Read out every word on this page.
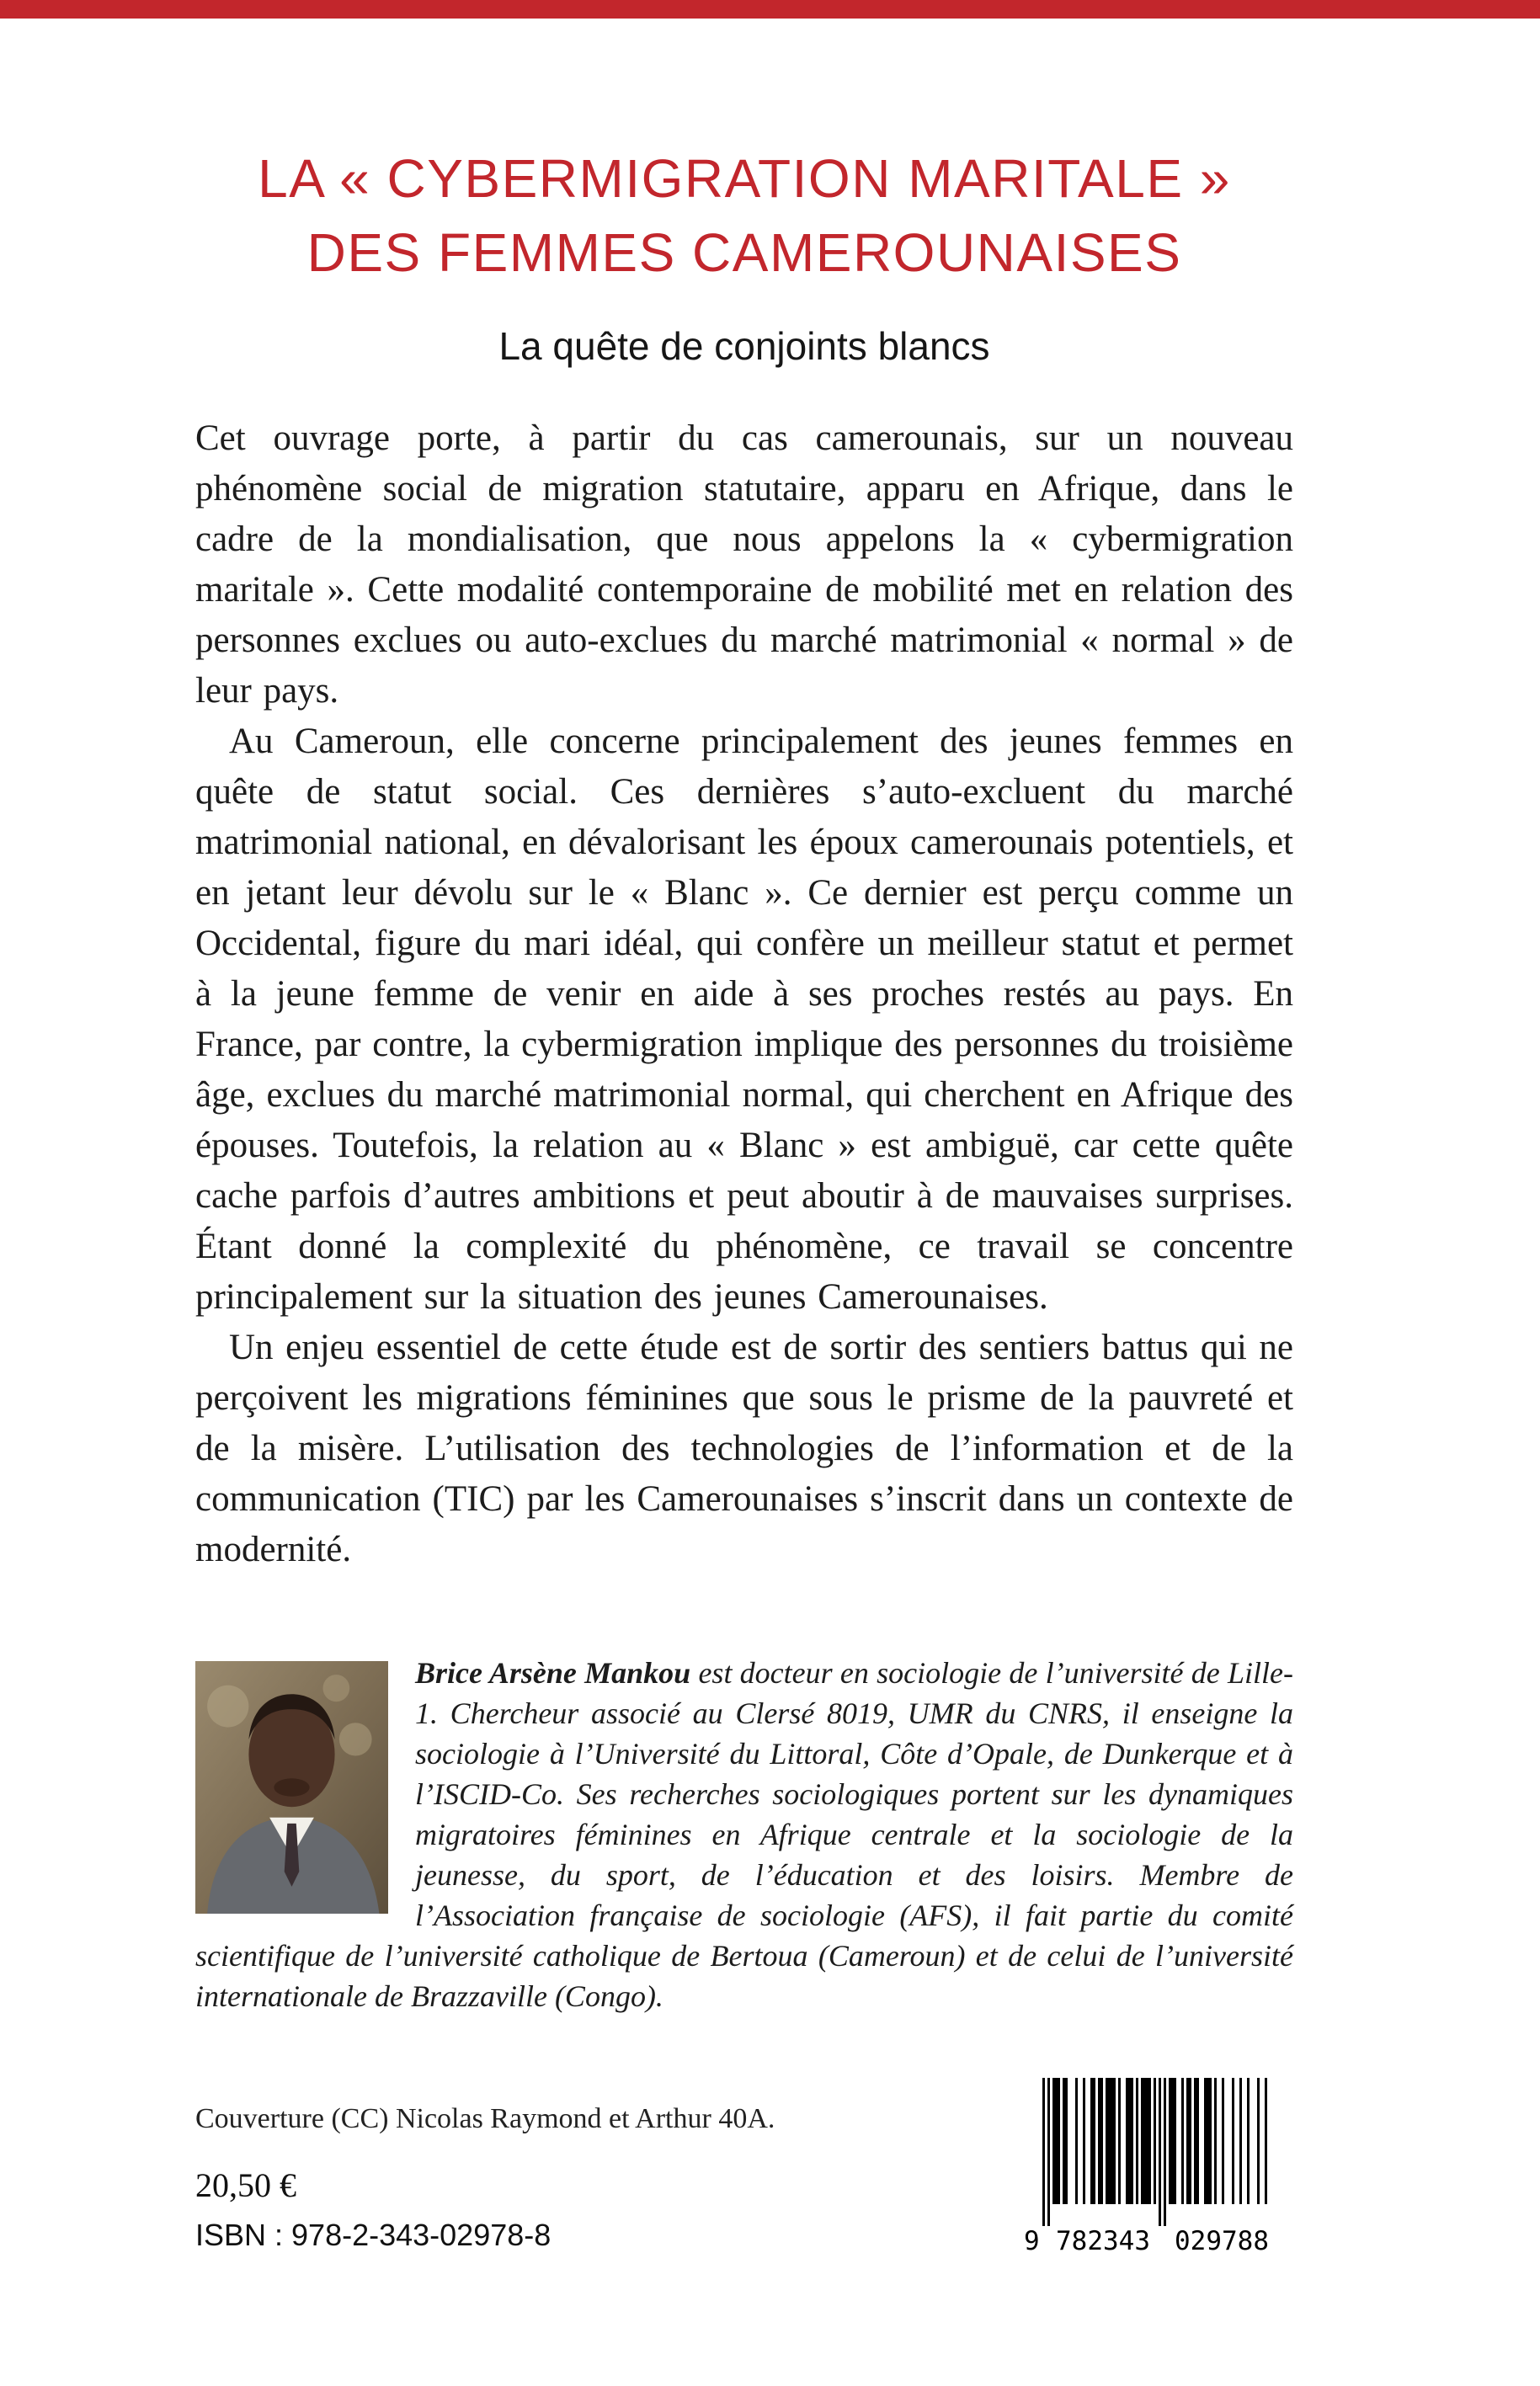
LA « CYBERMIGRATION MARITALE »
DES FEMMES CAMEROUNAISES
La quête de conjoints blancs

Cet ouvrage porte, à partir du cas camerounais, sur un nouveau phénomène social de migration statutaire, apparu en Afrique, dans le cadre de la mondialisation, que nous appelons la « cybermigration maritale ». Cette modalité contemporaine de mobilité met en relation des personnes exclues ou auto-exclues du marché matrimonial « normal » de leur pays.

Au Cameroun, elle concerne principalement des jeunes femmes en quête de statut social. Ces dernières s’auto-excluent du marché matrimonial national, en dévalorisant les époux camerounais potentiels, et en jetant leur dévolu sur le « Blanc ». Ce dernier est perçu comme un Occidental, figure du mari idéal, qui confère un meilleur statut et permet à la jeune femme de venir en aide à ses proches restés au pays. En France, par contre, la cybermigration implique des personnes du troisième âge, exclues du marché matrimonial normal, qui cherchent en Afrique des épouses. Toutefois, la relation au « Blanc » est ambiguë, car cette quête cache parfois d’autres ambitions et peut aboutir à de mauvaises surprises. Étant donné la complexité du phénomène, ce travail se concentre principalement sur la situation des jeunes Camerounaises.

Un enjeu essentiel de cette étude est de sortir des sentiers battus qui ne perçoivent les migrations féminines que sous le prisme de la pauvreté et de la misère. L’utilisation des technologies de l’information et de la communication (TIC) par les Camerounaises s’inscrit dans un contexte de modernité.

Brice Arsène Mankou est docteur en sociologie de l’université de Lille-1. Chercheur associé au Clersé 8019, UMR du CNRS, il enseigne la sociologie à l’Université du Littoral, Côte d’Opale, de Dunkerque et à l’ISCID-Co. Ses recherches sociologiques portent sur les dynamiques migratoires féminines en Afrique centrale et la sociologie de la jeunesse, du sport, de l’éducation et des loisirs. Membre de l’Association française de sociologie (AFS), il fait partie du comité scientifique de l’université catholique de Bertoua (Cameroun) et de celui de l’université internationale de Brazzaville (Congo).

Couverture (CC) Nicolas Raymond et Arthur 40A.
20,50 €
ISBN : 978-2-343-02978-8	9 782343 029788
